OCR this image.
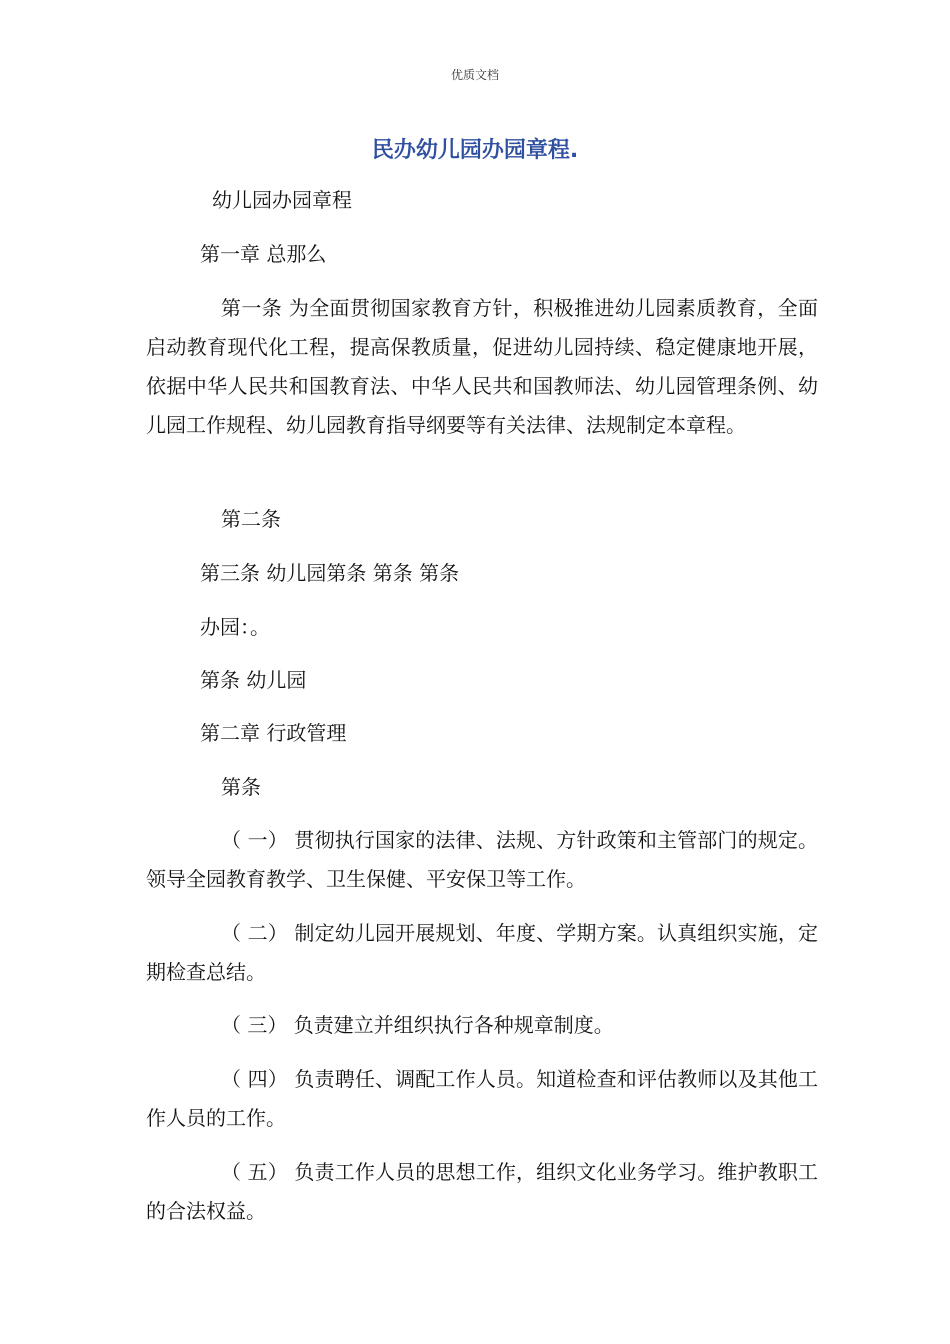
优质文档
民办幼儿园办园章程.
幼儿园办园章程
第一章 总那么
第一条 为全面贯彻国家教育方针，积极推进幼儿园素质教育，全面启动教育现代化工程，提高保教质量，促进幼儿园持续、稳定健康地开展，依据中华人民共和国教育法、中华人民共和国教师法、幼儿园管理条例、幼儿园工作规程、幼儿园教育指导纲要等有关法律、法规制定本章程。
第二条
第三条 幼儿园第条 第条 第条
办园：。
第条 幼儿园
第二章 行政管理
第条
（ 一） 贯彻执行国家的法律、法规、方针政策和主管部门的规定。领导全园教育教学、卫生保健、平安保卫等工作。
（ 二） 制定幼儿园开展规划、年度、学期方案。认真组织实施，定期检查总结。
（ 三） 负责建立并组织执行各种规章制度。
（ 四） 负责聘任、调配工作人员。知道检查和评估教师以及其他工作人员的工作。
（ 五） 负责工作人员的思想工作，组织文化业务学习。维护教职工的合法权益。
